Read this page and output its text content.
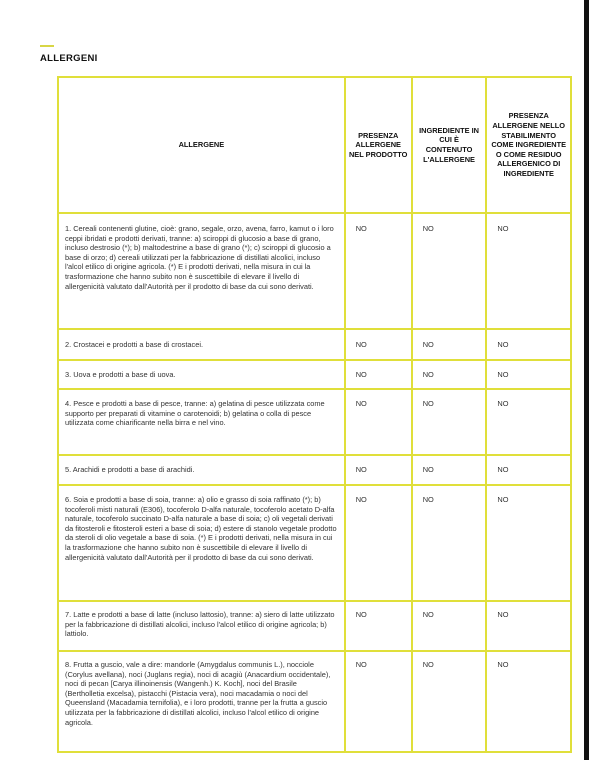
ALLERGENI
ALLERGENE	PRESENZA ALLERGENE NEL PRODOTTO	INGREDIENTE IN CUI È CONTENUTO L'ALLERGENE	PRESENZA ALLERGENE NELLO STABILIMENTO COME INGREDIENTE O COME RESIDUO ALLERGENICO DI INGREDIENTE
1. Cereali contenenti glutine, cioè: grano, segale, orzo, avena, farro, kamut o i loro ceppi ibridati e prodotti derivati, tranne: a) sciroppi di glucosio a base di grano, incluso destrosio (*); b) maltodestrine a base di grano (*); c) sciroppi di glucosio a base di orzo; d) cereali utilizzati per la fabbricazione di distillati alcolici, incluso l'alcol etilico di origine agricola. (*) E i prodotti derivati, nella misura in cui la trasformazione che hanno subito non è suscettibile di elevare il livello di allergenicità valutato dall'Autorità per il prodotto di base da cui sono derivati.	NO	NO	NO
2. Crostacei e prodotti a base di crostacei.	NO	NO	NO
3. Uova e prodotti a base di uova.	NO	NO	NO
4. Pesce e prodotti a base di pesce, tranne: a) gelatina di pesce utilizzata come supporto per preparati di vitamine o carotenoidi; b) gelatina o colla di pesce utilizzata come chiarificante nella birra e nel vino.	NO	NO	NO
5. Arachidi e prodotti a base di arachidi.	NO	NO	NO
6. Soia e prodotti a base di soia, tranne: a) olio e grasso di soia raffinato (*); b) tocoferoli misti naturali (E306), tocoferolo D-alfa naturale, tocoferolo acetato D-alfa naturale, tocoferolo succinato D-alfa naturale a base di soia; c) oli vegetali derivati da fitosteroli e fitosteroli esteri a base di soia; d) estere di stanolo vegetale prodotto da steroli di olio vegetale a base di soia. (*) E i prodotti derivati, nella misura in cui la trasformazione che hanno subito non è suscettibile di elevare il livello di allergenicità valutato dall'Autorità per il prodotto di base da cui sono derivati.	NO	NO	NO
7. Latte e prodotti a base di latte (incluso lattosio), tranne: a) siero di latte utilizzato per la fabbricazione di distillati alcolici, incluso l'alcol etilico di origine agricola; b) lattiolo.	NO	NO	NO
8. Frutta a guscio, vale a dire: mandorle (Amygdalus communis L.), nocciole (Corylus avellana), noci (Juglans regia), noci di acagiù (Anacardium occidentale), noci di pecan [Carya illinoinensis (Wangenh.) K. Koch], noci del Brasile (Bertholletia excelsa), pistacchi (Pistacia vera), noci macadamia o noci del Queensland (Macadamia ternifolia), e i loro prodotti, tranne per la frutta a guscio utilizzata per la fabbricazione di distillati alcolici, incluso l'alcol etilico di origine agricola.	NO	NO	NO
